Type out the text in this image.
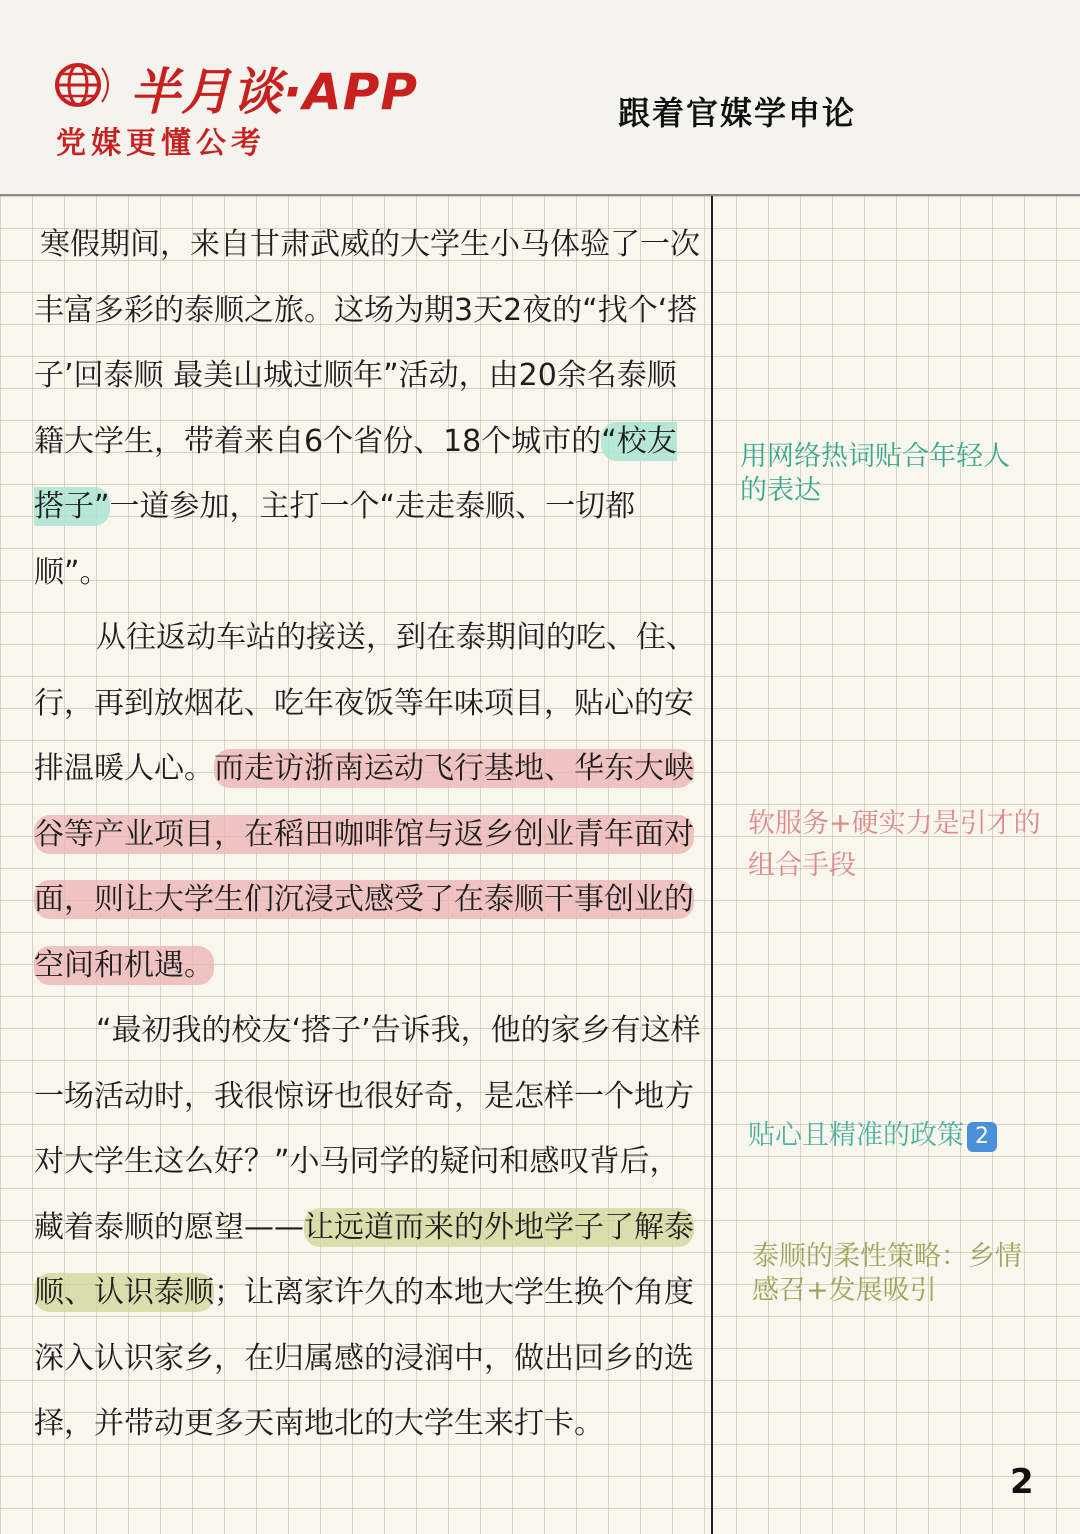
半月谈·APP
党媒更懂公考
跟着官媒学申论

寒假期间，来自甘肃武威的大学生小马体验了一次丰富多彩的泰顺之旅。这场为期3天2夜的“找个‘搭子’回泰顺 最美山城过顺年”活动，由20余名泰顺籍大学生，带着来自6个省份、18个城市的“校友搭子”一道参加，主打一个“走走泰顺、一切都顺”。

从往返动车站的接送，到在泰期间的吃、住、行，再到放烟花、吃年夜饭等年味项目，贴心的安排温暖人心。而走访浙南运动飞行基地、华东大峡谷等产业项目，在稻田咖啡馆与返乡创业青年面对面，则让大学生们沉浸式感受了在泰顺干事创业的空间和机遇。

“最初我的校友‘搭子’告诉我，他的家乡有这样一场活动时，我很惊讶也很好奇，是怎样一个地方对大学生这么好？”小马同学的疑问和感叹背后，藏着泰顺的愿望——让远道而来的外地学子了解泰顺、认识泰顺；让离家许久的本地大学生换个角度深入认识家乡，在归属感的浸润中，做出回乡的选择，并带动更多天南地北的大学生来打卡。

用网络热词贴合年轻人的表达
软服务+硬实力是引才的组合手段
贴心且精准的政策 2
泰顺的柔性策略：乡情感召+发展吸引
2
